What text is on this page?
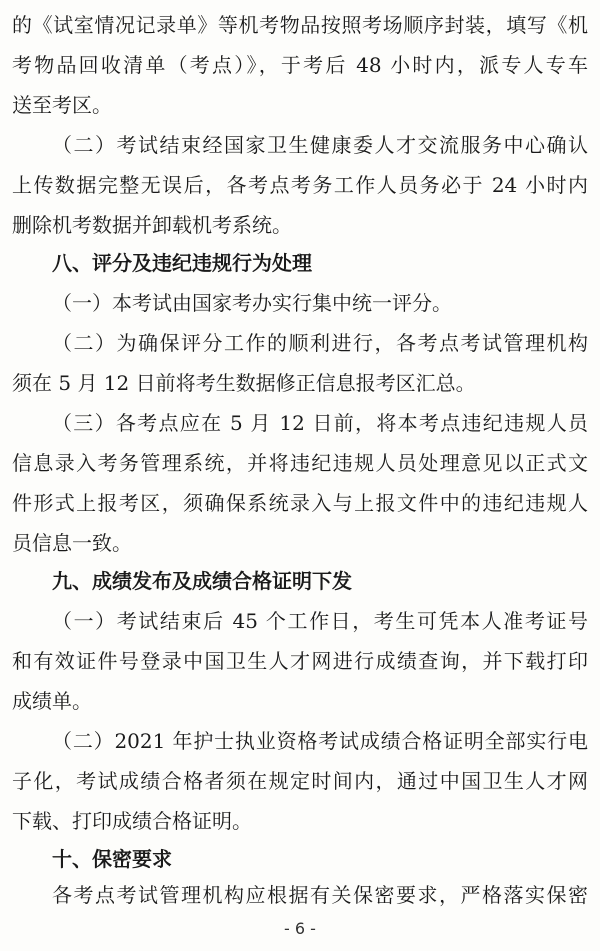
的《试室情况记录单》等机考物品按照考场顺序封装，填写《机
考物品回收清单（考点）》，于考后 48 小时内，派专人专车
送至考区。
（二）考试结束经国家卫生健康委人才交流服务中心确认
上传数据完整无误后，各考点考务工作人员务必于 24 小时内
删除机考数据并卸载机考系统。
八、评分及违纪违规行为处理
（一）本考试由国家考办实行集中统一评分。
（二）为确保评分工作的顺利进行，各考点考试管理机构
须在 5 月 12 日前将考生数据修正信息报考区汇总。
（三）各考点应在 5 月 12 日前，将本考点违纪违规人员
信息录入考务管理系统，并将违纪违规人员处理意见以正式文
件形式上报考区，须确保系统录入与上报文件中的违纪违规人
员信息一致。
九、成绩发布及成绩合格证明下发
（一）考试结束后 45 个工作日，考生可凭本人准考证号
和有效证件号登录中国卫生人才网进行成绩查询，并下载打印
成绩单。
（二）2021 年护士执业资格考试成绩合格证明全部实行电
子化，考试成绩合格者须在规定时间内，通过中国卫生人才网
下载、打印成绩合格证明。
十、保密要求
各考点考试管理机构应根据有关保密要求，严格落实保密
- 6 -
